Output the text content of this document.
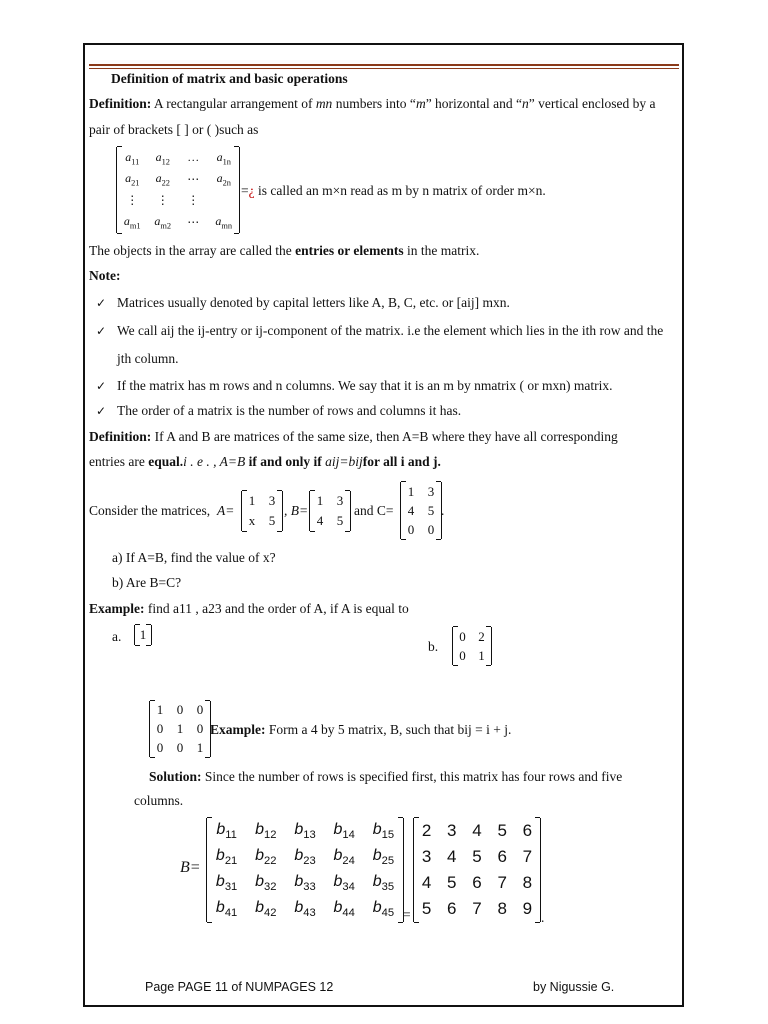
Definition of matrix and basic operations
Definition: A rectangular arrangement of mn numbers into “m” horizontal and “n” vertical enclosed by a
pair of brackets [ ] or ( )such as
$a_{11}$	$a_{12}$	…	$a_{1n}$
$a_{21}$	$a_{22}$	⋯	$a_{2n}$
⋮	⋮	⋮
$a_{m1}$	$a_{m2}$	⋯	$a_{mn}$
=¿ is called an m×n read as m by n matrix of order m×n.
The objects in the array are called the entries or elements in the matrix.
Note:
✓ Matrices usually denoted by capital letters like A, B, C, etc. or [aij] mxn.
✓ We call aij the ij-entry or ij-component of the matrix. i.e the element which lies in the ith row and the
jth column.
✓ If the matrix has m rows and n columns. We say that it is an m by nmatrix ( or mxn) matrix.
✓ The order of a matrix is the number of rows and columns it has.
Definition: If A and B are matrices of the same size, then A=B where they have all corresponding
entries are equal.i . e . , A=B if and only if aij=bijfor all i and j.
Consider the matrices, A=
1	3
x	5
, B=
1	3
4	5
and C=
1	3
4	5
0	0
.
a) If A=B, find the value of x?
b) Are B=C?
Example: find a11 , a23 and the order of A, if A is equal to
a.	1
b.
0 2
0 1
1	0	0
0	1	0
0	0	1
Example: Form a 4 by 5 matrix, B, such that bij = i + j.
Solution: Since the number of rows is specified first, this matrix has four rows and five
columns.
B=
$b_{11}$	$b_{12}$	$b_{13}$	$b_{14}$	$b_{15}$
$b_{21}$	$b_{22}$	$b_{23}$	$b_{24}$	$b_{25}$
$b_{31}$	$b_{32}$	$b_{33}$	$b_{34}$	$b_{35}$
$b_{41}$	$b_{42}$	$b_{43}$	$b_{44}$	$b_{45}$ =
2 3 4 5 6
3 4 5 6 7
4 5 6 7 8
5 6 7 8 9 .
Page PAGE 11 of NUMPAGES 12	by Nigussie G.
